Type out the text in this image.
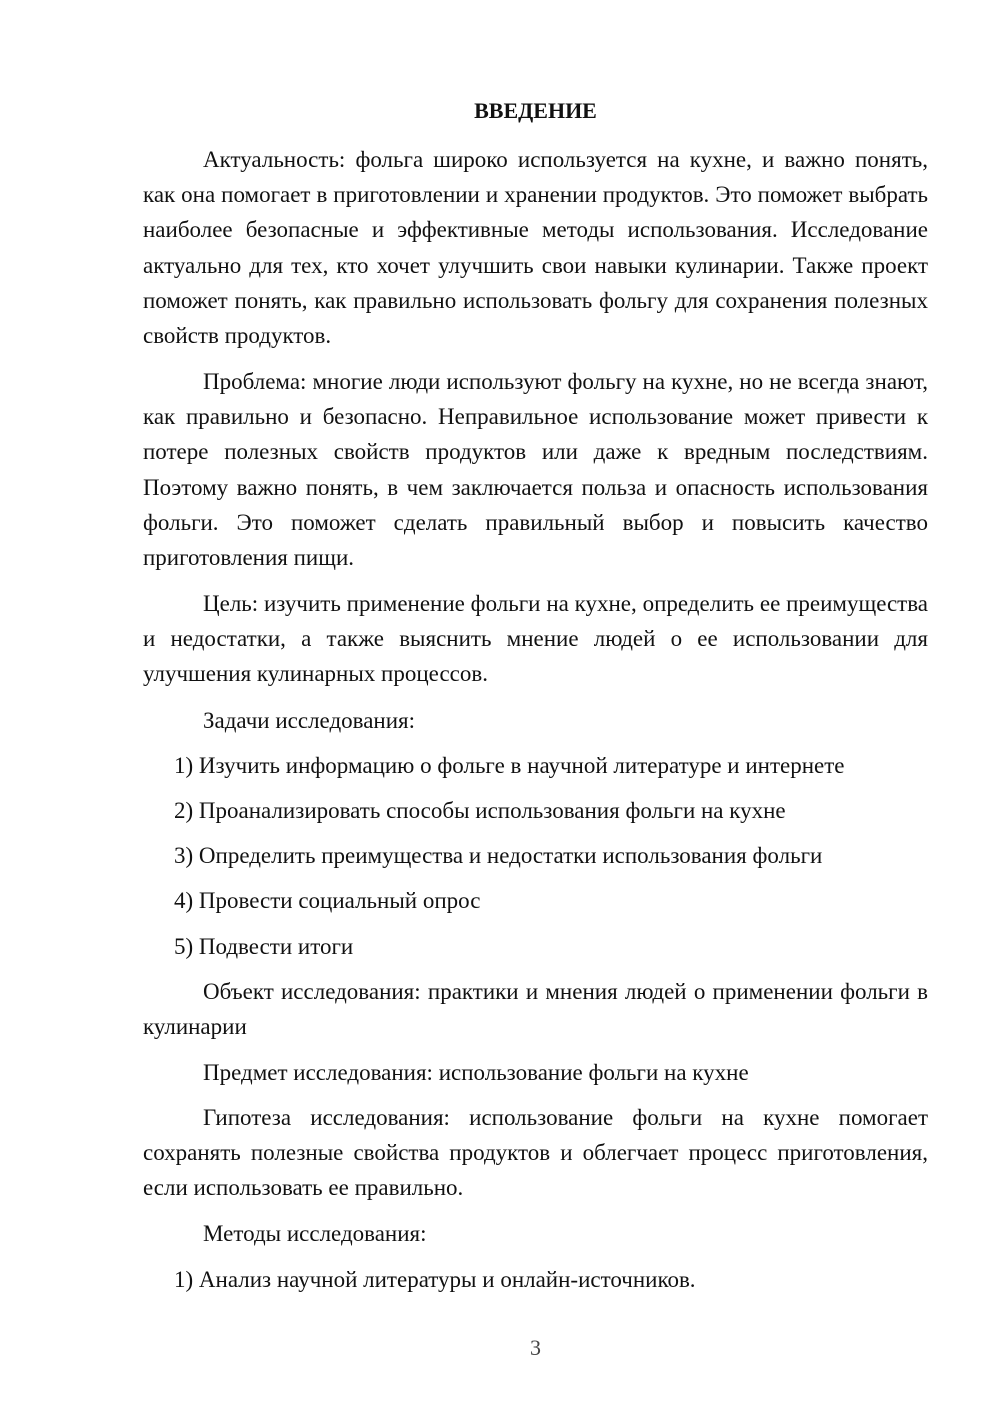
ВВЕДЕНИЕ

Актуальность: фольга широко используется на кухне, и важно понять, как она помогает в приготовлении и хранении продуктов. Это поможет выбрать наиболее безопасные и эффективные методы использования. Исследование актуально для тех, кто хочет улучшить свои навыки кулинарии. Также проект поможет понять, как правильно использовать фольгу для сохранения полезных свойств продуктов.

Проблема: многие люди используют фольгу на кухне, но не всегда знают, как правильно и безопасно. Неправильное использование может привести к потере полезных свойств продуктов или даже к вредным последствиям. Поэтому важно понять, в чем заключается польза и опасность использования фольги. Это поможет сделать правильный выбор и повысить качество приготовления пищи.

Цель: изучить применение фольги на кухне, определить ее преимущества и недостатки, а также выяснить мнение людей о ее использовании для улучшения кулинарных процессов.

Задачи исследования:

1) Изучить информацию о фольге в научной литературе и интернете

2) Проанализировать способы использования фольги на кухне

3) Определить преимущества и недостатки использования фольги

4) Провести социальный опрос

5) Подвести итоги

Объект исследования: практики и мнения людей о применении фольги в кулинарии

Предмет исследования: использование фольги на кухне

Гипотеза исследования: использование фольги на кухне помогает сохранять полезные свойства продуктов и облегчает процесс приготовления, если использовать ее правильно.

Методы исследования:

1) Анализ научной литературы и онлайн-источников.

3
